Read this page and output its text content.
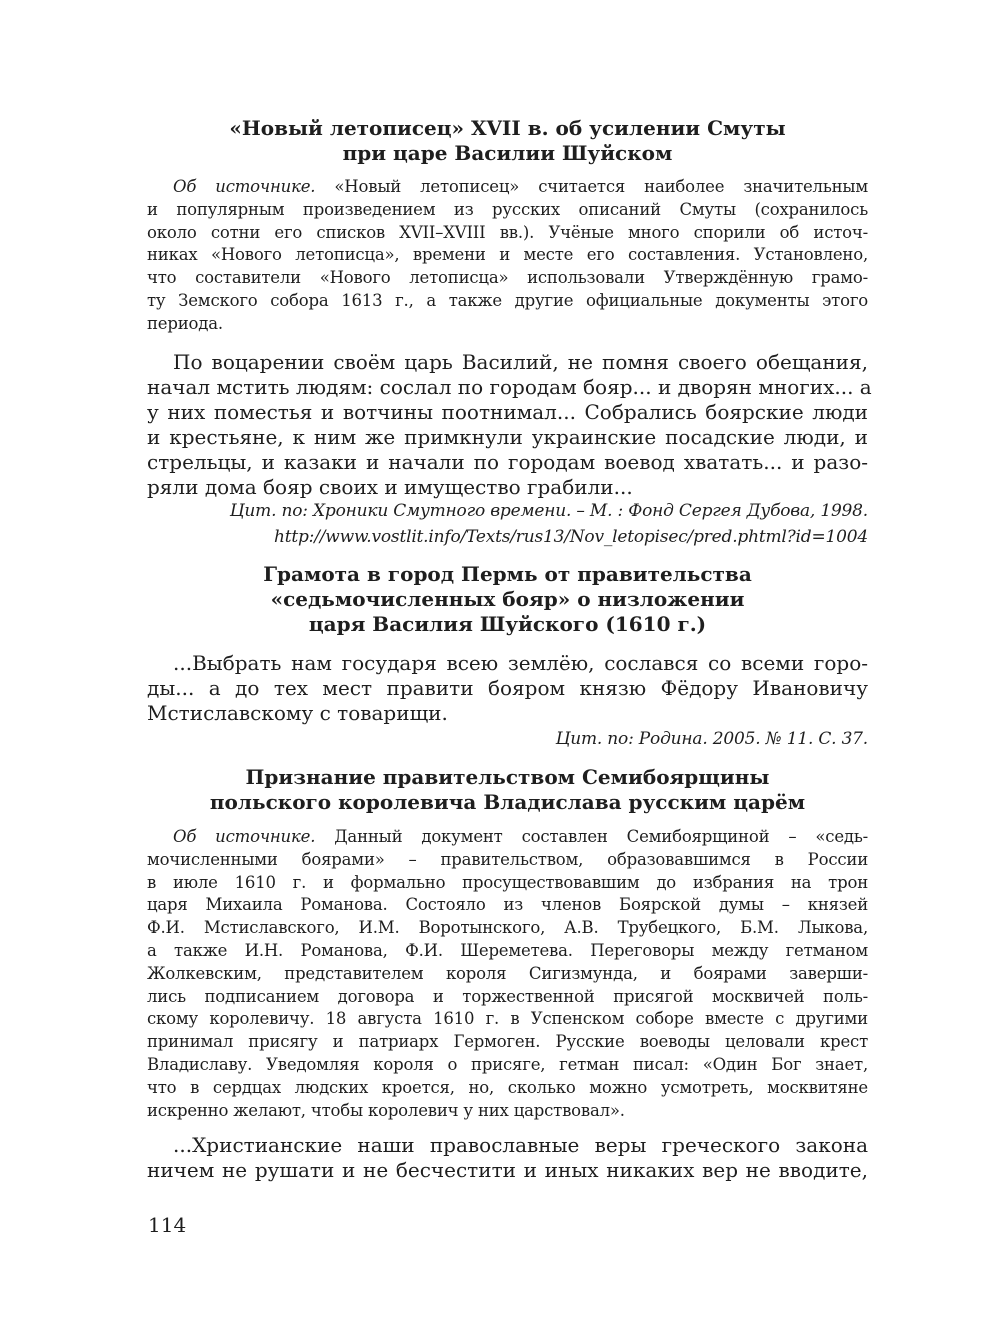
«Новый летописец» XVII в. об усилении Смуты
при царе Василии Шуйском
Об источнике. «Новый летописец» считается наиболее значительным
и популярным произведением из русских описаний Смуты (сохранилось
около сотни его списков XVII–XVIII вв.). Учёные много спорили об источ-
никах «Нового летописца», времени и месте его составления. Установлено,
что составители «Нового летописца» использовали Утверждённую грамо-
ту Земского собора 1613 г., а также другие официальные документы этого
периода.
По воцарении своём царь Василий, не помня своего обещания,
начал мстить людям: сослал по городам бояр... и дворян многих... а
у них поместья и вотчины поотнимал... Собрались боярские люди
и крестьяне, к ним же примкнули украинские посадские люди, и
стрельцы, и казаки и начали по городам воевод хватать... и разо-
ряли дома бояр своих и имущество грабили...
Цит. по: Хроники Смутного времени. – М. : Фонд Сергея Дубова, 1998.
http://www.vostlit.info/Texts/rus13/Nov_letopisec/pred.phtml?id=1004
Грамота в город Пермь от правительства
«седьмочисленных бояр» о низложении
царя Василия Шуйского (1610 г.)
...Выбрать нам государя всею землёю, сослався со всеми горо-
ды... а до тех мест правити бояром князю Фёдору Ивановичу
Мстиславскому с товарищи.
Цит. по: Родина. 2005. № 11. С. 37.
Признание правительством Семибоярщины
польского королевича Владислава русским царём
Об источнике. Данный документ составлен Семибоярщиной – «седь-
мочисленными боярами» – правительством, образовавшимся в России
в июле 1610 г. и формально просуществовавшим до избрания на трон
царя Михаила Романова. Состояло из членов Боярской думы – князей
Ф.И. Мстиславского, И.М. Воротынского, А.В. Трубецкого, Б.М. Лыкова,
а также И.Н. Романова, Ф.И. Шереметева. Переговоры между гетманом
Жолкевским, представителем короля Сигизмунда, и боярами заверши-
лись подписанием договора и торжественной присягой москвичей поль-
скому королевичу. 18 августа 1610 г. в Успенском соборе вместе с другими
принимал присягу и патриарх Гермоген. Русские воеводы целовали крест
Владиславу. Уведомляя короля о присяге, гетман писал: «Один Бог знает,
что в сердцах людских кроется, но, сколько можно усмотреть, москвитяне
искренно желают, чтобы королевич у них царствовал».
...Христианские наши православные веры греческого закона
ничем не рушати и не бесчестити и иных никаких вер не вводите,
114
